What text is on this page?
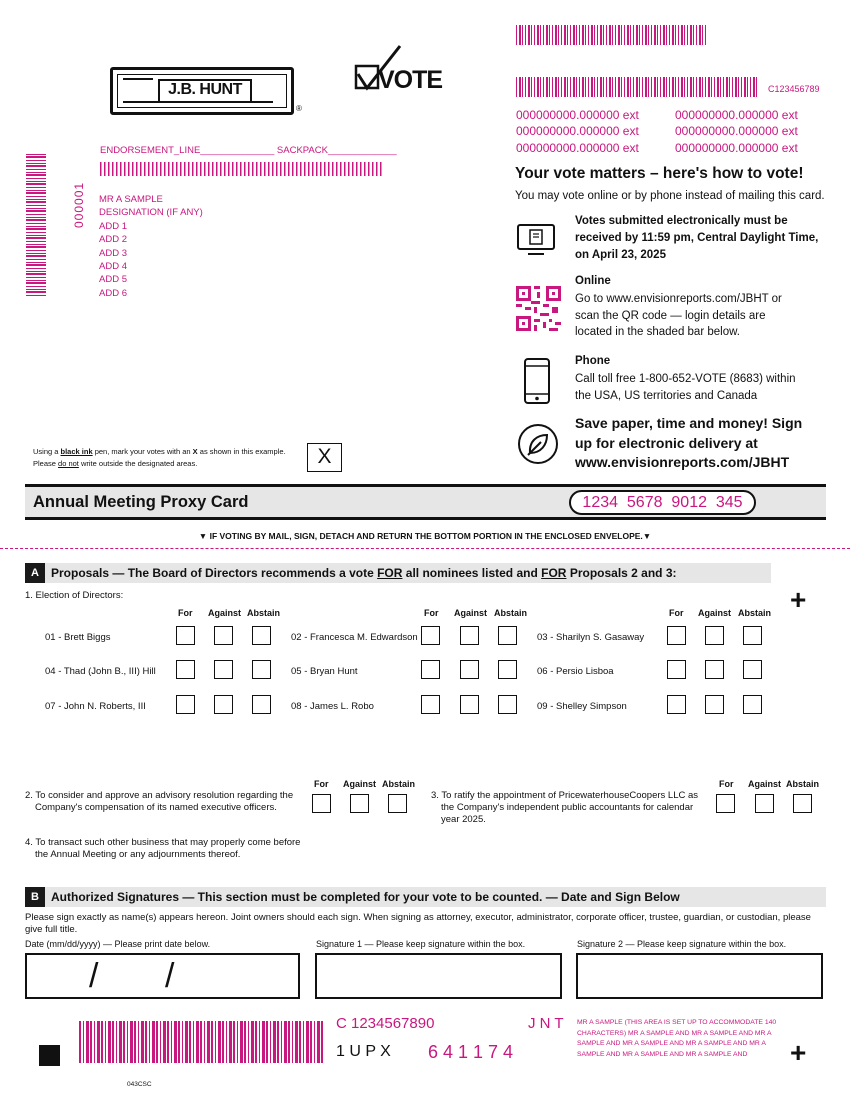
J.B. HUNT
®
VOTE	C123456789
000000000.000000 ext	000000000.000000 ext
000000000.000000 ext	000000000.000000 ext
000000000.000000 ext	000000000.000000 ext
ENDORSEMENT_LINE______________ SACKPACK_____________
000001 MR A SAMPLE
DESIGNATION (IF ANY)
ADD 1
ADD 2
ADD 3
ADD 4
ADD 5
ADD 6
Using a black ink pen, mark your votes with an X as shown in this example.
Please do not write outside the designated areas.	X
Your vote matters – here's how to vote!
You may vote online or by phone instead of mailing this card.
Votes submitted electronically must be received by 11:59 pm, Central Daylight Time, on April 23, 2025
Online
Go to www.envisionreports.com/JBHT or scan the QR code — login details are located in the shaded bar below.
Phone
Call toll free 1-800-652-VOTE (8683) within the USA, US territories and Canada
Save paper, time and money! Sign up for electronic delivery at www.envisionreports.com/JBHT
Annual Meeting Proxy Card	1234  5678  9012  345
▼ IF VOTING BY MAIL, SIGN, DETACH AND RETURN THE BOTTOM PORTION IN THE ENCLOSED ENVELOPE.▼
A	Proposals — The Board of Directors recommends a vote FOR all nominees listed and FOR Proposals 2 and 3:
+
1. Election of Directors:
For Against Abstain	For Against Abstain	For Against Abstain
01 - Brett Biggs	02 - Francesca M. Edwardson	03 - Sharilyn S. Gasaway
04 - Thad (John B., III) Hill	05 - Bryan Hunt	06 - Persio Lisboa
07 - John N. Roberts, III	08 - James L. Robo	09 - Shelley Simpson
2. To consider and approve an advisory resolution regarding the Company's compensation of its named executive officers.
For Against Abstain
3. To ratify the appointment of PricewaterhouseCoopers LLC as the Company's independent public accountants for calendar year 2025.
For Against Abstain
4. To transact such other business that may properly come before the Annual Meeting or any adjournments thereof.
B	Authorized Signatures — This section must be completed for your vote to be counted. — Date and Sign Below
Please sign exactly as name(s) appears hereon. Joint owners should each sign. When signing as attorney, executor, administrator, corporate officer, trustee, guardian, or custodian, please give full title.
Date (mm/dd/yyyy) — Please print date below.	Signature 1 — Please keep signature within the box.	Signature 2 — Please keep signature within the box.
/ /
043CSC
C 1234567890	J N T
1 U P X 6 4 1 1 7 4
MR A SAMPLE (THIS AREA IS SET UP TO ACCOMMODATE 140 CHARACTERS) MR A SAMPLE AND MR A SAMPLE AND MR A SAMPLE AND MR A SAMPLE AND MR A SAMPLE AND MR A SAMPLE AND MR A SAMPLE AND MR A SAMPLE AND	+
